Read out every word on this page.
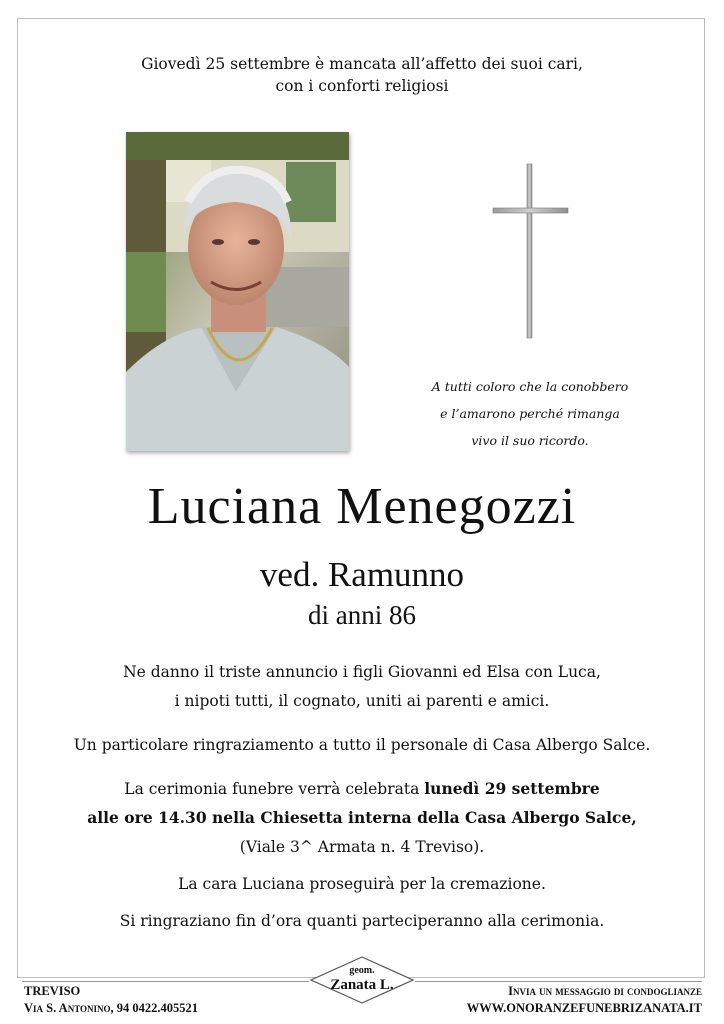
Giovedì 25 settembre è mancata all’affetto dei suoi cari,
con i conforti religiosi
A tutti coloro che la conobbero
e l’amarono perché rimanga
vivo il suo ricordo.
Luciana Menegozzi
ved. Ramunno
di anni 86
Ne danno il triste annuncio i figli Giovanni ed Elsa con Luca,
i nipoti tutti, il cognato, uniti ai parenti e amici.
Un particolare ringraziamento a tutto il personale di Casa Albergo Salce.
La cerimonia funebre verrà celebrata lunedì 29 settembre
alle ore 14.30 nella Chiesetta interna della Casa Albergo Salce,
(Viale 3^ Armata n. 4 Treviso).
La cara Luciana proseguirà per la cremazione.
Si ringraziano fin d’ora quanti parteciperanno alla cerimonia.
TREVISO
Via S. Antonino, 94 0422.405521
geom.
Zanata L.	Invia un messaggio di condoglianze
WWW.ONORANZEFUNEBRIZANATA.IT
